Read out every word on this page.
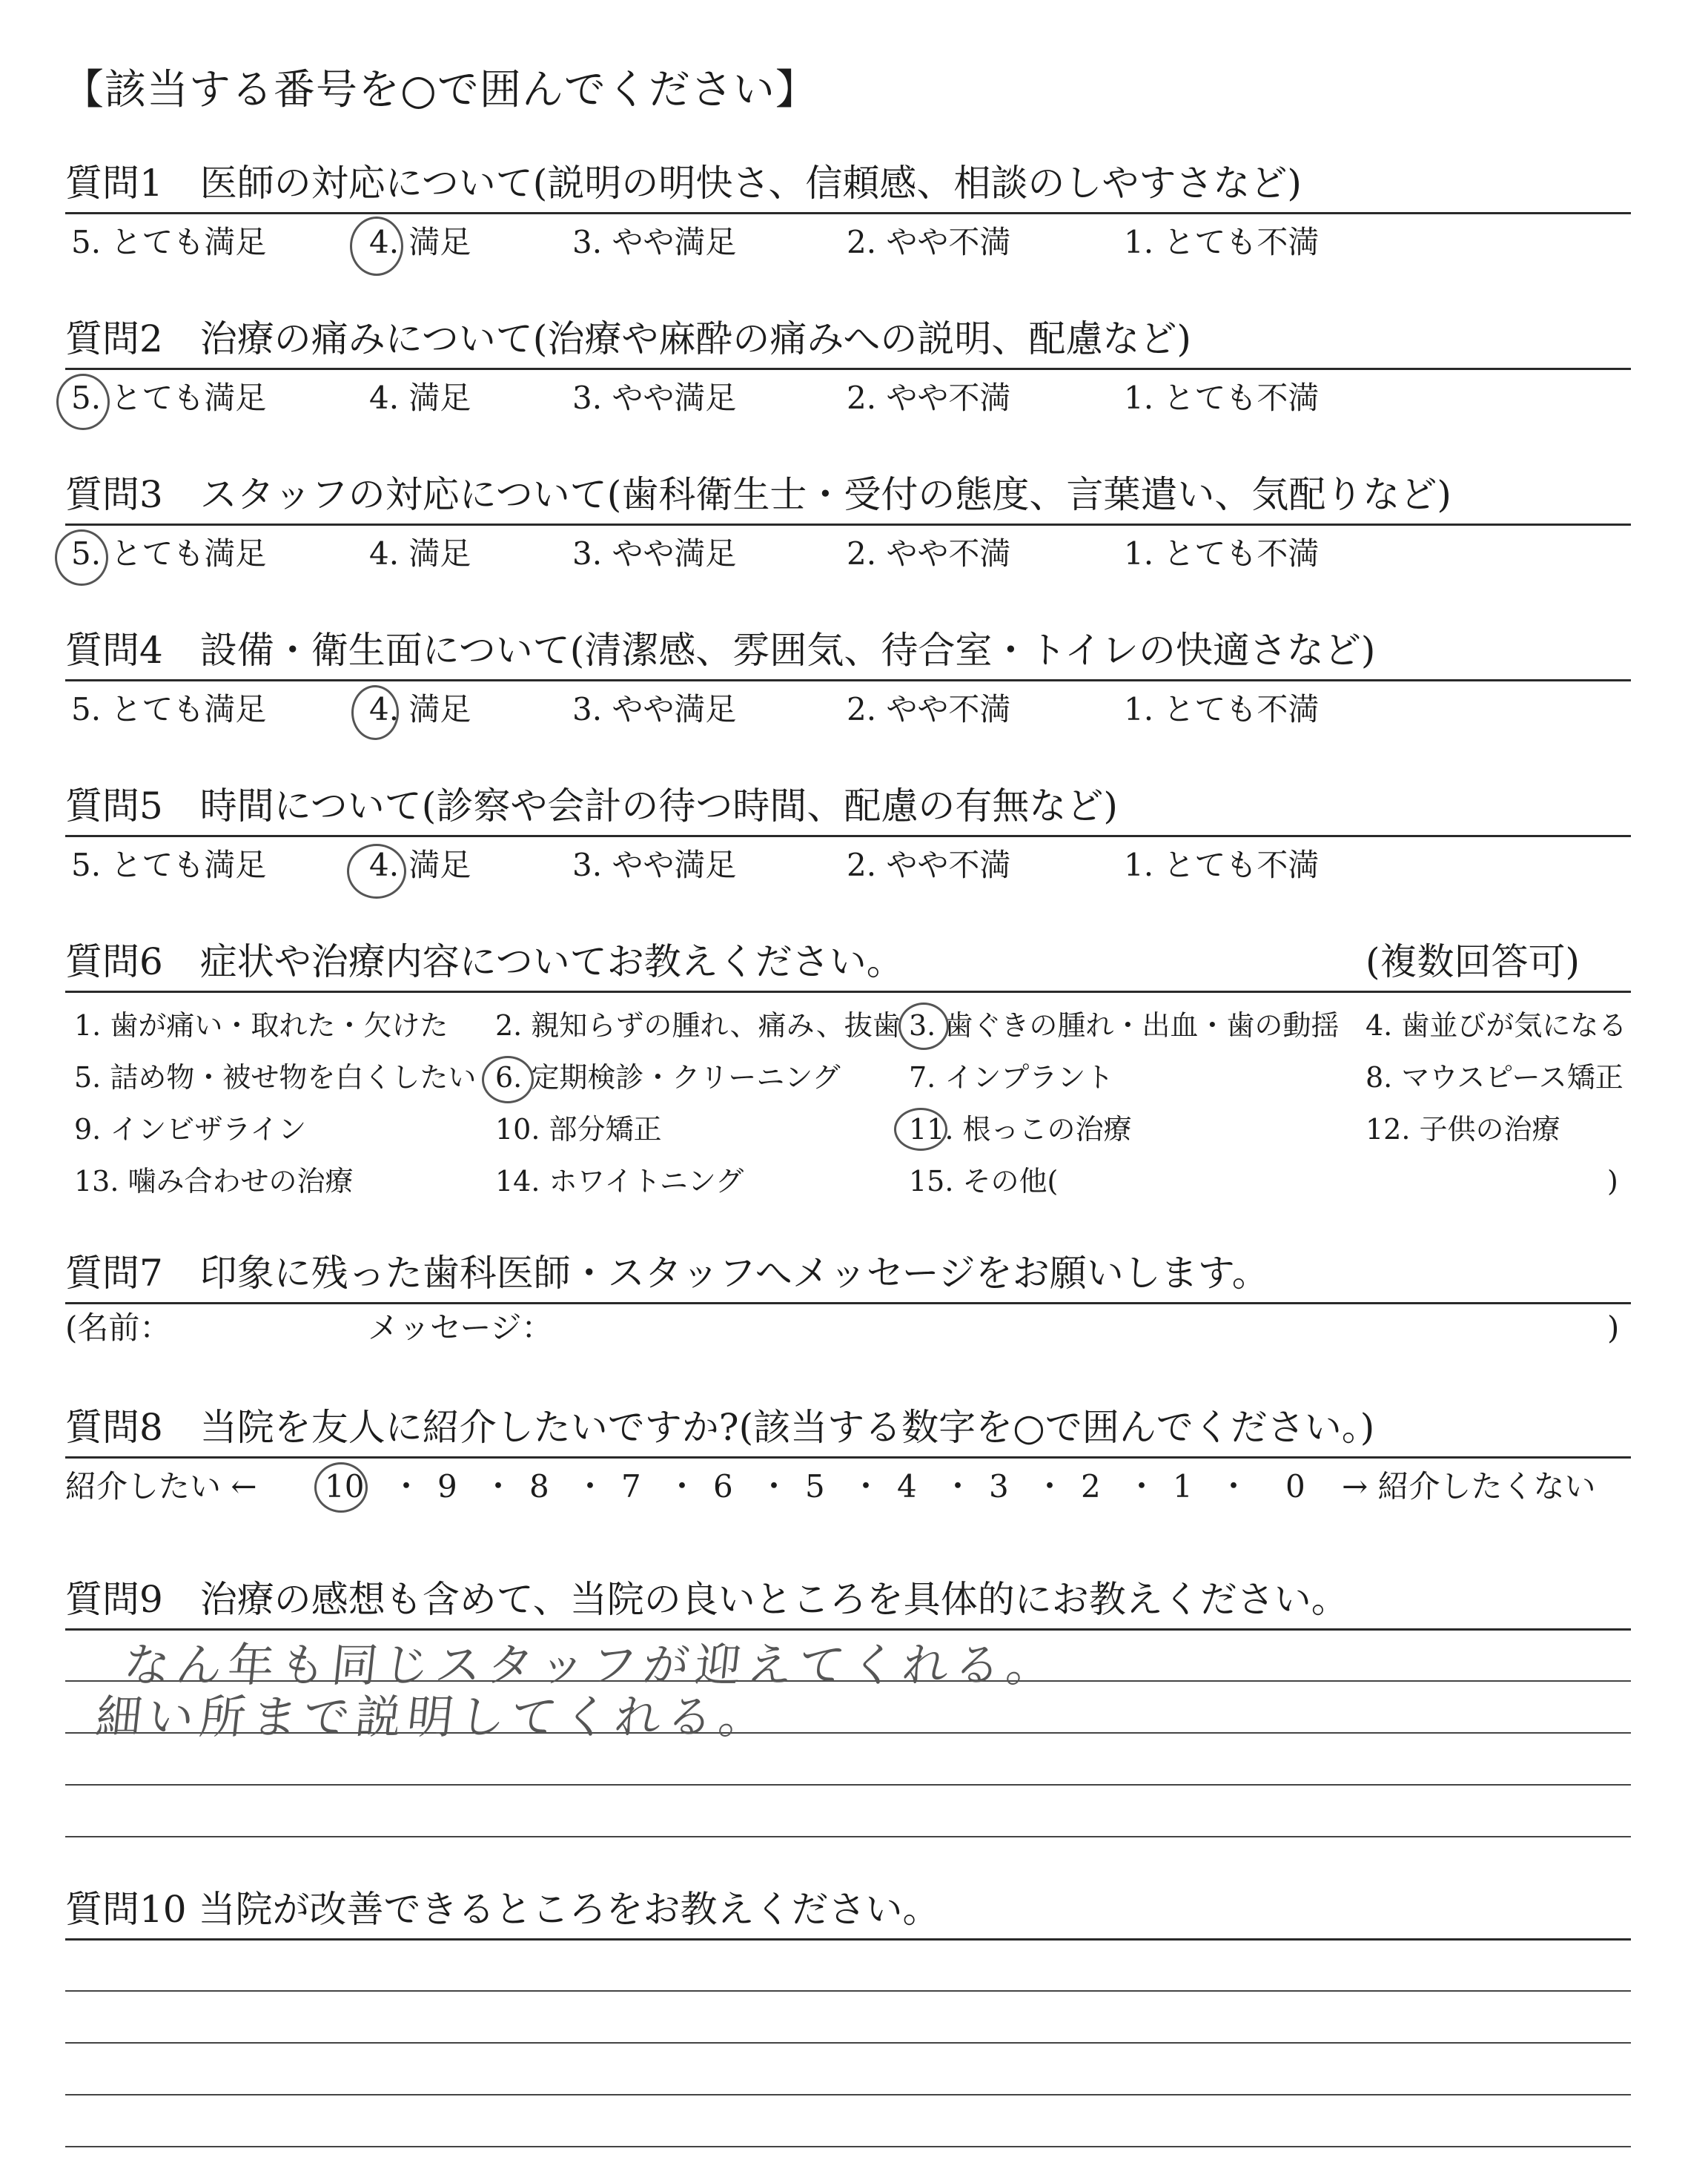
【該当する番号を○で囲んでください】
質問1　医師の対応について(説明の明快さ、信頼感、相談のしやすさなど)
5. とても満足	4. 満足	3. やや満足	2. やや不満	1. とても不満
質問2　治療の痛みについて(治療や麻酔の痛みへの説明、配慮など)
5. とても満足	4. 満足	3. やや満足	2. やや不満	1. とても不満
質問3　スタッフの対応について(歯科衛生士・受付の態度、言葉遣い、気配りなど)
5. とても満足	4. 満足	3. やや満足	2. やや不満	1. とても不満
質問4　設備・衛生面について(清潔感、雰囲気、待合室・トイレの快適さなど)
5. とても満足	4. 満足	3. やや満足	2. やや不満	1. とても不満
質問5　時間について(診察や会計の待つ時間、配慮の有無など)
5. とても満足	4. 満足	3. やや満足	2. やや不満	1. とても不満
質問6　症状や治療内容についてお教えください。	(複数回答可)
1. 歯が痛い・取れた・欠けた 2. 親知らずの腫れ、痛み、抜歯 3. 歯ぐきの腫れ・出血・歯の動揺 4. 歯並びが気になる
5. 詰め物・被せ物を白くしたい 6. 定期検診・クリーニング 7. インプラント	8. マウスピース矯正
9. インビザライン	10. 部分矯正	11. 根っこの治療	12. 子供の治療
13. 噛み合わせの治療	14. ホワイトニング	15. その他(	)
質問7　印象に残った歯科医師・スタッフへメッセージをお願いします。
(名前：	メッセージ：	)
質問8　当院を友人に紹介したいですか?(該当する数字を○で囲んでください。)
紹介したい ← 10 ・ 9 ・ 8 ・ 7 ・ 6 ・ 5 ・ 4 ・ 3 ・ 2 ・ 1 ・ 0 → 紹介したくない
質問9　治療の感想も含めて、当院の良いところを具体的にお教えください。
なん年も同じスタッフが迎えてくれる。
細い所まで説明してくれる。
質問10 当院が改善できるところをお教えください。
